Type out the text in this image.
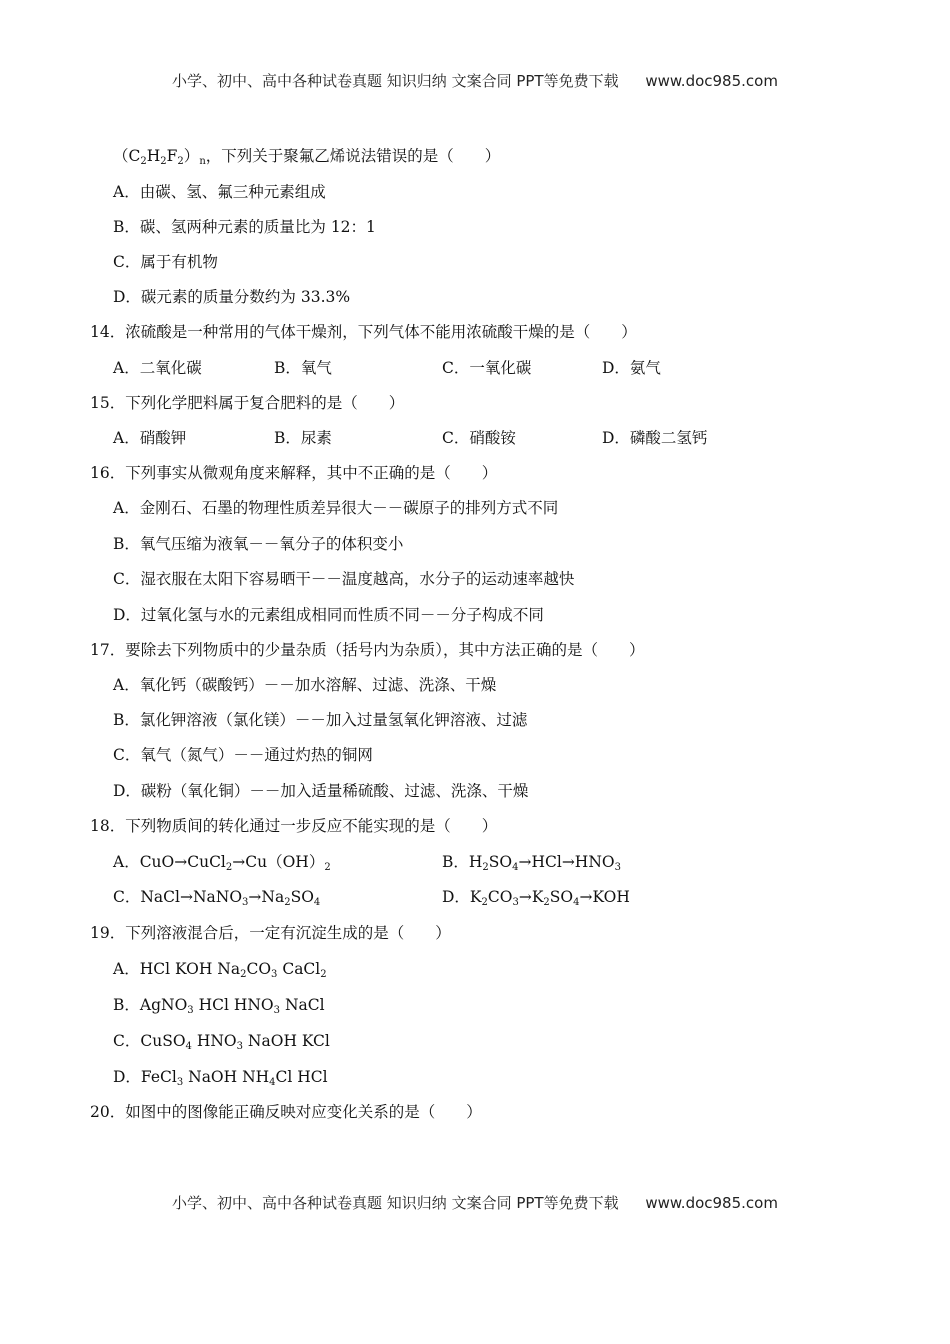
小学、初中、高中各种试卷真题 知识归纳 文案合同 PPT等免费下载 www.doc985.com
$(C_2H_2F_2)_n$，下列关于聚氟乙烯说法错误的是（　　）
A．由碳、氢、氟三种元素组成
B．碳、氢两种元素的质量比为 12：1
C．属于有机物
D．碳元素的质量分数约为 33.3%
14．浓硫酸是一种常用的气体干燥剂，下列气体不能用浓硫酸干燥的是（　　）
A．二氧化碳	B．氧气	C．一氧化碳	D．氨气
15．下列化学肥料属于复合肥料的是（　　）
A．硝酸钾	B．尿素	C．硝酸铵	D．磷酸二氢钙
16．下列事实从微观角度来解释，其中不正确的是（　　）
A．金刚石、石墨的物理性质差异很大－－碳原子的排列方式不同
B．氧气压缩为液氧－－氧分子的体积变小
C．湿衣服在太阳下容易晒干－－温度越高，水分子的运动速率越快
D．过氧化氢与水的元素组成相同而性质不同－－分子构成不同
17．要除去下列物质中的少量杂质（括号内为杂质），其中方法正确的是（　　）
A．氧化钙（碳酸钙）－－加水溶解、过滤、洗涤、干燥
B．氯化钾溶液（氯化镁）－－加入过量氢氧化钾溶液、过滤
C．氧气（氮气）－－通过灼热的铜网
D．碳粉（氧化铜）－－加入适量稀硫酸、过滤、洗涤、干燥
18．下列物质间的转化通过一步反应不能实现的是（　　）
A．$CuO\to CuCl_2\to Cu(OH)_2$	B．$H_2SO_4\to HCl\to HNO_3$
C．$NaCl\to NaNO_3\to Na_2SO_4$	D．$K_2CO_3\to K_2SO_4\to KOH$
19．下列溶液混合后，一定有沉淀生成的是（　　）
A．HCl KOH $Na_2CO_3$ CaCl$_2$
B．AgNO$_3$ HCl $HNO_3$ NaCl
C．CuSO$_4$ $HNO_3$ NaOH KCl
D．FeCl$_3$ NaOH $NH_4Cl$ HCl
20．如图中的图像能正确反映对应变化关系的是（　　）
小学、初中、高中各种试卷真题 知识归纳 文案合同 PPT等免费下载 www.doc985.com
